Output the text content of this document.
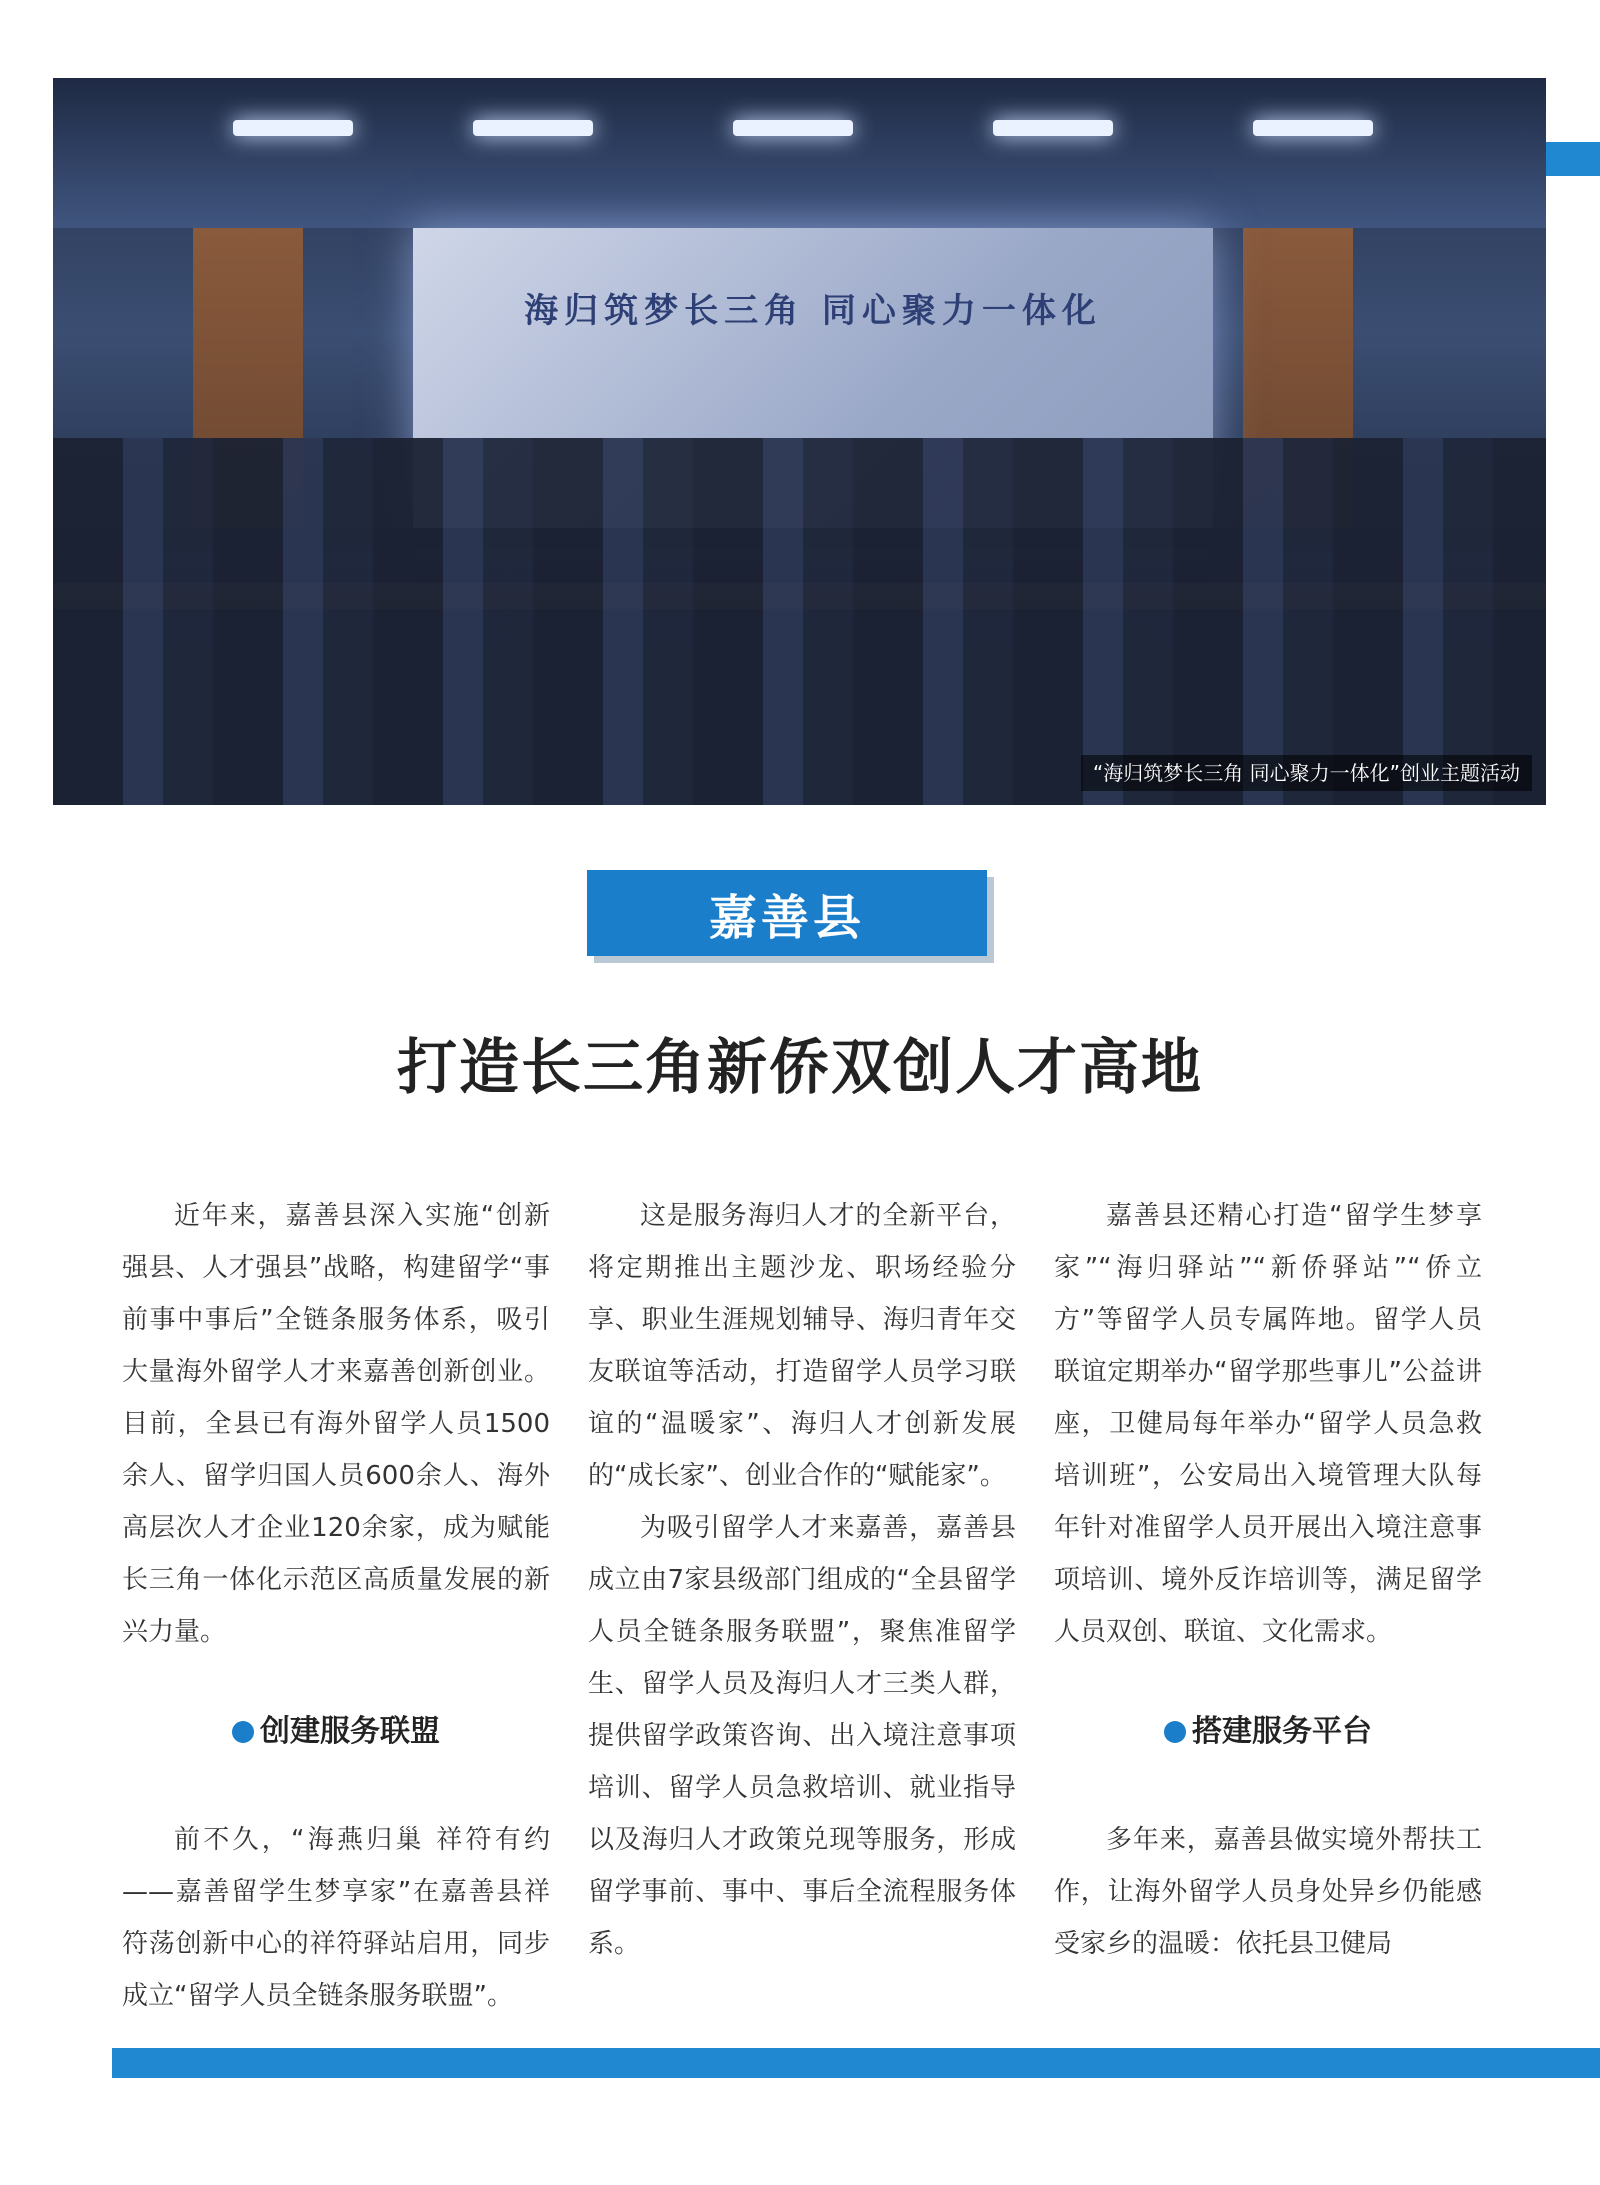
海归筑梦长三角 同心聚力一体化
“海归筑梦长三角 同心聚力一体化”创业主题活动
嘉善县
打造长三角新侨双创人才高地

近年来，嘉善县深入实施“创新强县、人才强县”战略，构建留学“事前事中事后”全链条服务体系，吸引大量海外留学人才来嘉善创新创业。目前，全县已有海外留学人员1500余人、留学归国人员600余人、海外高层次人才企业120余家，成为赋能长三角一体化示范区高质量发展的新兴力量。

创建服务联盟

前不久，“海燕归巢 祥符有约——嘉善留学生梦享家”在嘉善县祥符荡创新中心的祥符驿站启用，同步成立“留学人员全链条服务联盟”。

这是服务海归人才的全新平台，将定期推出主题沙龙、职场经验分享、职业生涯规划辅导、海归青年交友联谊等活动，打造留学人员学习联谊的“温暖家”、海归人才创新发展的“成长家”、创业合作的“赋能家”。

为吸引留学人才来嘉善，嘉善县成立由7家县级部门组成的“全县留学人员全链条服务联盟”，聚焦准留学生、留学人员及海归人才三类人群，提供留学政策咨询、出入境注意事项培训、留学人员急救培训、就业指导以及海归人才政策兑现等服务，形成留学事前、事中、事后全流程服务体系。

嘉善县还精心打造“留学生梦享家”“海归驿站”“新侨驿站”“侨立方”等留学人员专属阵地。留学人员联谊定期举办“留学那些事儿”公益讲座，卫健局每年举办“留学人员急救培训班”，公安局出入境管理大队每年针对准留学人员开展出入境注意事项培训、境外反诈培训等，满足留学人员双创、联谊、文化需求。

搭建服务平台

多年来，嘉善县做实境外帮扶工作，让海外留学人员身处异乡仍能感受家乡的温暖：依托县卫健局
